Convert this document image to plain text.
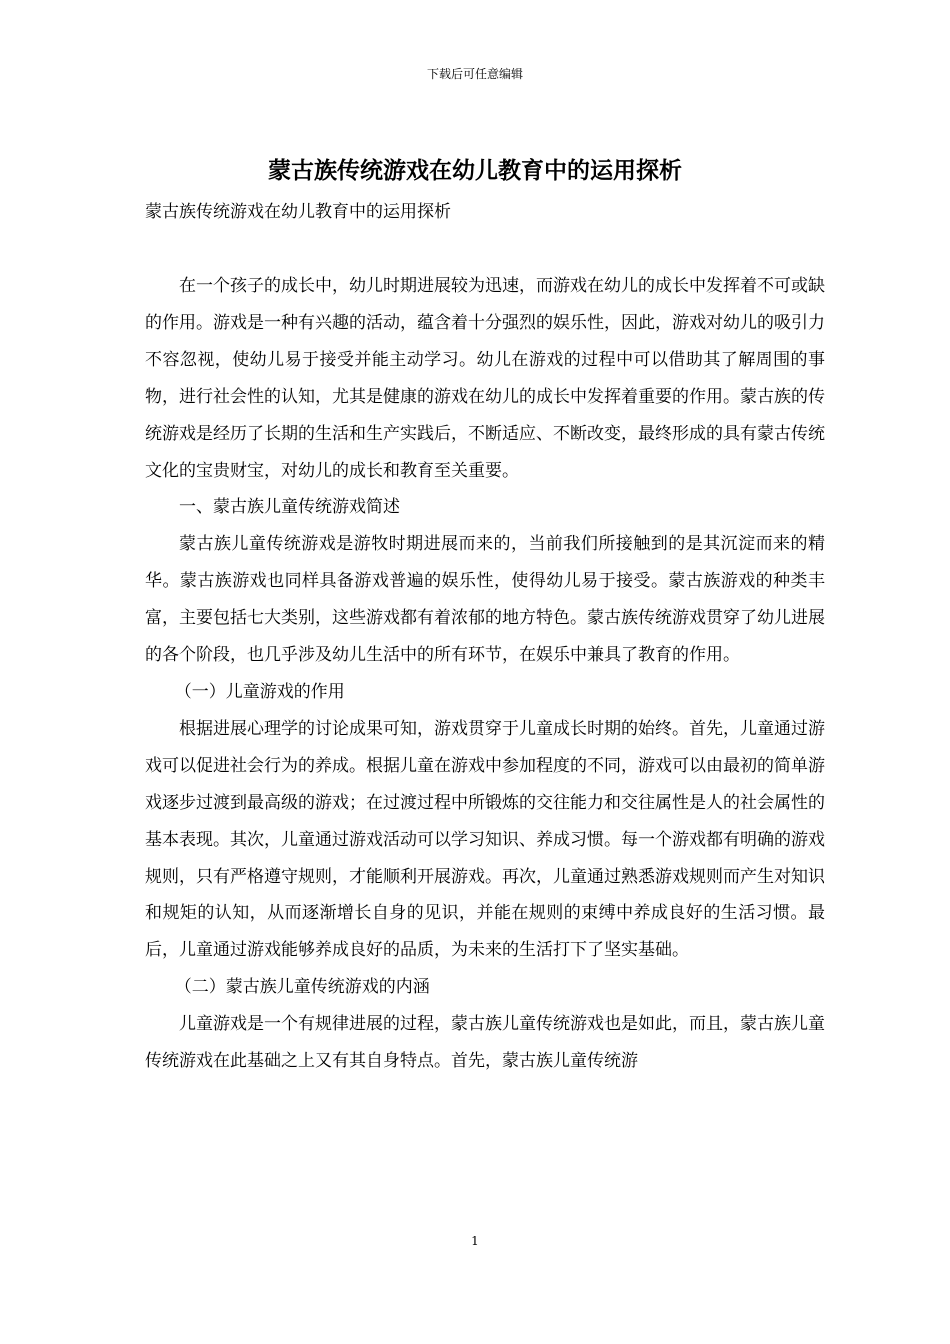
下载后可任意编辑
蒙古族传统游戏在幼儿教育中的运用探析
蒙古族传统游戏在幼儿教育中的运用探析

在一个孩子的成长中，幼儿时期进展较为迅速，而游戏在幼儿的成长中发挥着不可或缺的作用。游戏是一种有兴趣的活动，蕴含着十分强烈的娱乐性，因此，游戏对幼儿的吸引力不容忽视，使幼儿易于接受并能主动学习。幼儿在游戏的过程中可以借助其了解周围的事物，进行社会性的认知，尤其是健康的游戏在幼儿的成长中发挥着重要的作用。蒙古族的传统游戏是经历了长期的生活和生产实践后，不断适应、不断改变，最终形成的具有蒙古传统文化的宝贵财宝，对幼儿的成长和教育至关重要。

一、蒙古族儿童传统游戏简述

蒙古族儿童传统游戏是游牧时期进展而来的，当前我们所接触到的是其沉淀而来的精华。蒙古族游戏也同样具备游戏普遍的娱乐性，使得幼儿易于接受。蒙古族游戏的种类丰富，主要包括七大类别，这些游戏都有着浓郁的地方特色。蒙古族传统游戏贯穿了幼儿进展的各个阶段，也几乎涉及幼儿生活中的所有环节，在娱乐中兼具了教育的作用。

（一）儿童游戏的作用

根据进展心理学的讨论成果可知，游戏贯穿于儿童成长时期的始终。首先，儿童通过游戏可以促进社会行为的养成。根据儿童在游戏中参加程度的不同，游戏可以由最初的简单游戏逐步过渡到最高级的游戏；在过渡过程中所锻炼的交往能力和交往属性是人的社会属性的基本表现。其次，儿童通过游戏活动可以学习知识、养成习惯。每一个游戏都有明确的游戏规则，只有严格遵守规则，才能顺利开展游戏。再次，儿童通过熟悉游戏规则而产生对知识和规矩的认知，从而逐渐增长自身的见识，并能在规则的束缚中养成良好的生活习惯。最后，儿童通过游戏能够养成良好的品质，为未来的生活打下了坚实基础。

（二）蒙古族儿童传统游戏的内涵

儿童游戏是一个有规律进展的过程，蒙古族儿童传统游戏也是如此，而且，蒙古族儿童传统游戏在此基础之上又有其自身特点。首先，蒙古族儿童传统游

1
